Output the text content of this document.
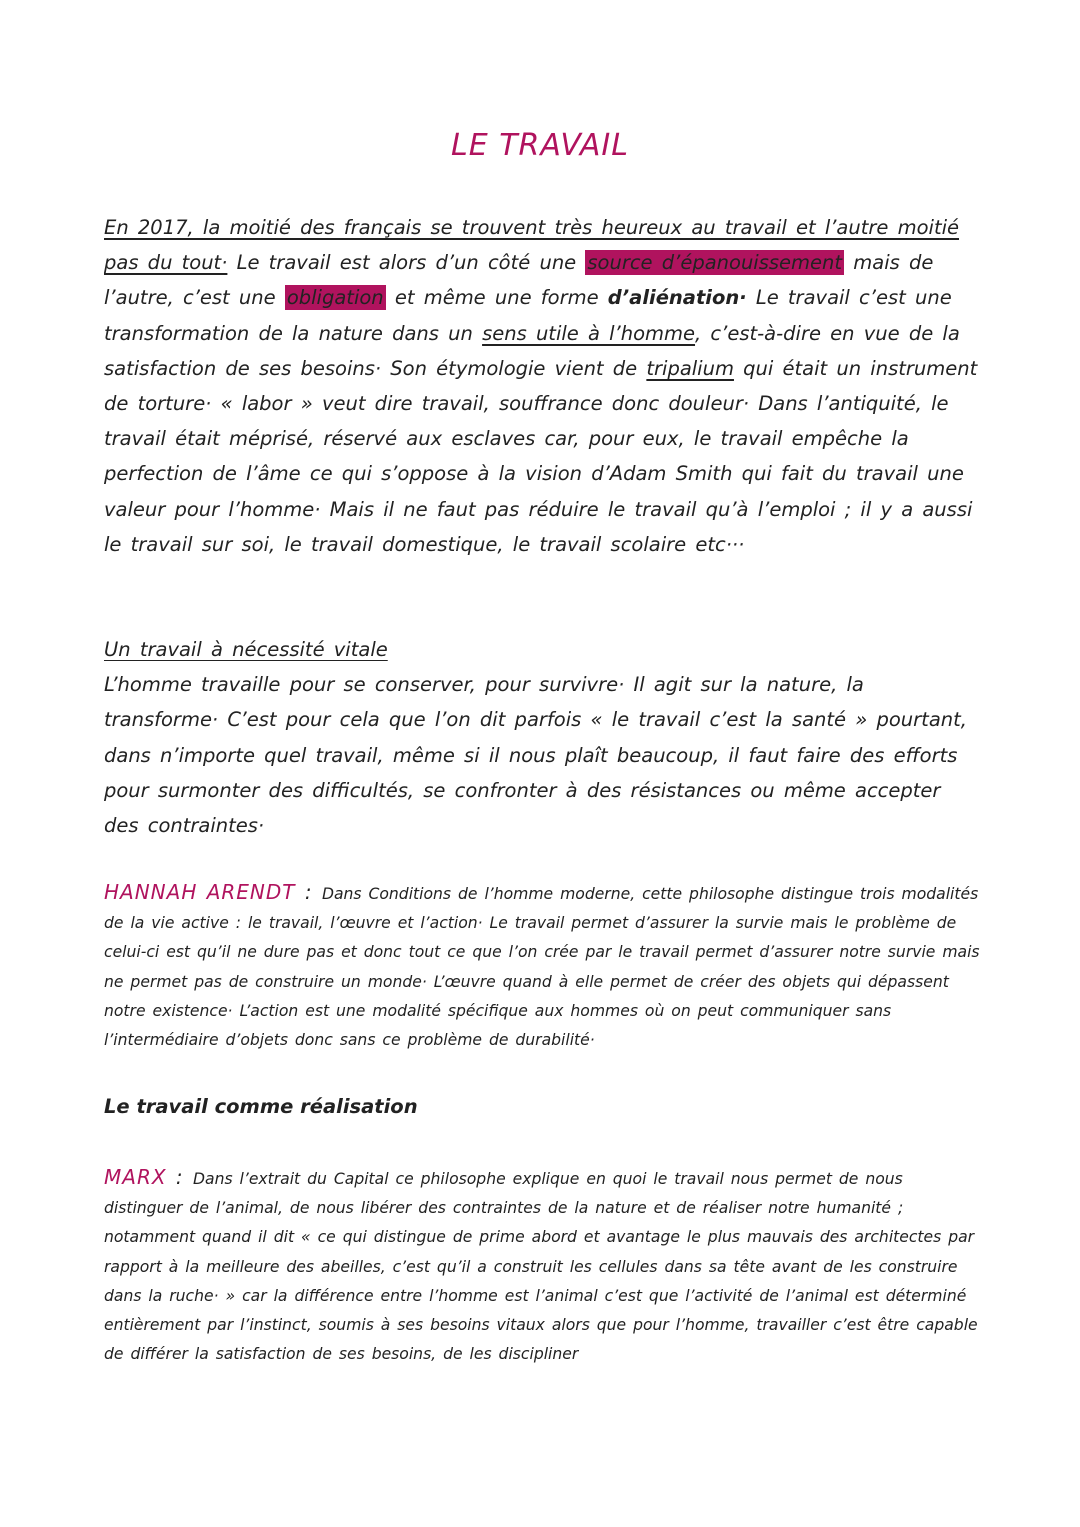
LE TRAVAIL
En 2017, la moitié des français se trouvent très heureux au travail et l’autre moitié pas du tout· Le travail est alors d’un côté une source d’épanouissement mais de l’autre, c’est une obligation et même une forme d’aliénation· Le travail c’est une transformation de la nature dans un sens utile à l’homme, c’est-à-dire en vue de la satisfaction de ses besoins· Son étymologie vient de tripalium qui était un instrument de torture· « labor » veut dire travail, souffrance donc douleur· Dans l’antiquité, le travail était méprisé, réservé aux esclaves car, pour eux, le travail empêche la perfection de l’âme ce qui s’oppose à la vision d’Adam Smith qui fait du travail une valeur pour l’homme· Mais il ne faut pas réduire le travail qu’à l’emploi ; il y a aussi le travail sur soi, le travail domestique, le travail scolaire etc···
Un travail à nécessité vitale
L’homme travaille pour se conserver, pour survivre· Il agit sur la nature, la transforme· C’est pour cela que l’on dit parfois « le travail c’est la santé » pourtant, dans n’importe quel travail, même si il nous plaît beaucoup, il faut faire des efforts pour surmonter des difficultés, se confronter à des résistances ou même accepter des contraintes·
HANNAH ARENDT : Dans Conditions de l’homme moderne, cette philosophe distingue trois modalités de la vie active : le travail, l’œuvre et l’action· Le travail permet d’assurer la survie mais le problème de celui-ci est qu’il ne dure pas et donc tout ce que l’on crée par le travail permet d’assurer notre survie mais ne permet pas de construire un monde· L’œuvre quand à elle permet de créer des objets qui dépassent notre existence· L’action est une modalité spécifique aux hommes où on peut communiquer sans l’intermédiaire d’objets donc sans ce problème de durabilité·
Le travail comme réalisation
MARX : Dans l’extrait du Capital ce philosophe explique en quoi le travail nous permet de nous distinguer de l’animal, de nous libérer des contraintes de la nature et de réaliser notre humanité ; notamment quand il dit « ce qui distingue de prime abord et avantage le plus mauvais des architectes par rapport à la meilleure des abeilles, c’est qu’il a construit les cellules dans sa tête avant de les construire dans la ruche· » car la différence entre l’homme est l’animal c’est que l’activité de l’animal est déterminé entièrement par l’instinct, soumis à ses besoins vitaux alors que pour l’homme, travailler c’est être capable de différer la satisfaction de ses besoins, de les discipliner
